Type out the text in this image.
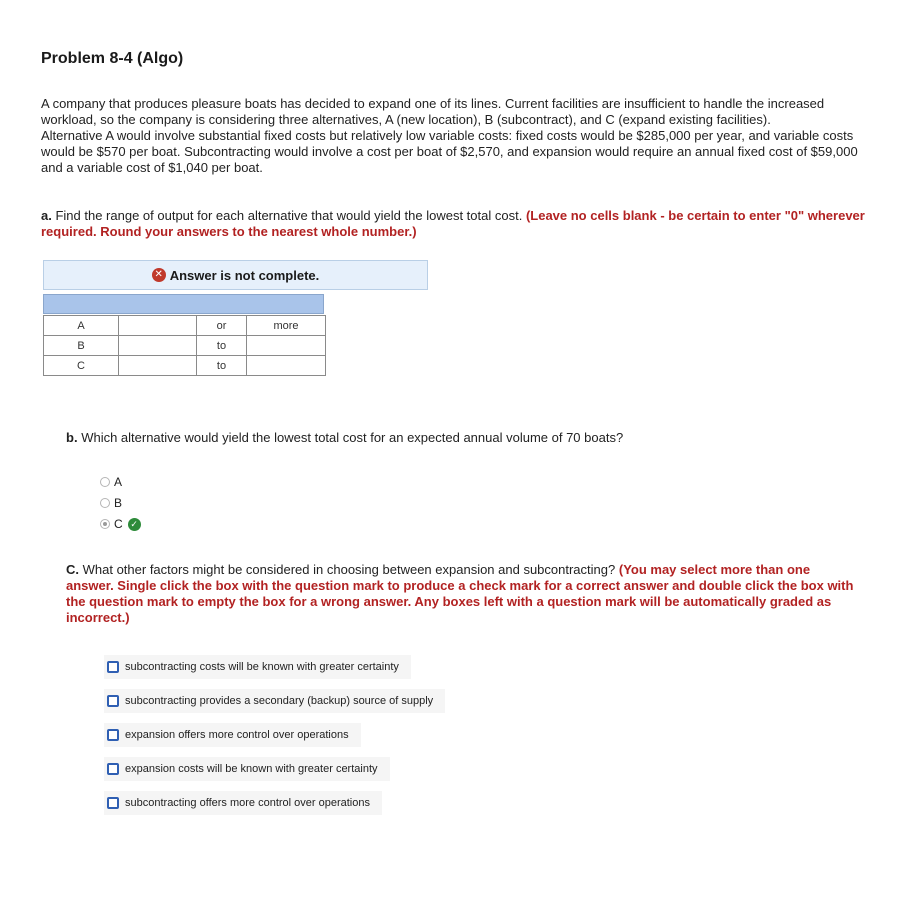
Problem 8-4 (Algo)

A company that produces pleasure boats has decided to expand one of its lines. Current facilities are insufficient to handle the increased workload, so the company is considering three alternatives, A (new location), B (subcontract), and C (expand existing facilities).

Alternative A would involve substantial fixed costs but relatively low variable costs: fixed costs would be $285,000 per year, and variable costs would be $570 per boat. Subcontracting would involve a cost per boat of $2,570, and expansion would require an annual fixed cost of $59,000 and a variable cost of $1,040 per boat.

a. Find the range of output for each alternative that would yield the lowest total cost. (Leave no cells blank - be certain to enter "0" wherever required. Round your answers to the nearest whole number.)
✕ Answer is not complete.
A		or	more
B		to	
C		to	
b. Which alternative would yield the lowest total cost for an expected annual volume of 70 boats?
A
B
C ✓
C. What other factors might be considered in choosing between expansion and subcontracting? (You may select more than one answer. Single click the box with the question mark to produce a check mark for a correct answer and double click the box with the question mark to empty the box for a wrong answer. Any boxes left with a question mark will be automatically graded as incorrect.)
subcontracting costs will be known with greater certainty
subcontracting provides a secondary (backup) source of supply
expansion offers more control over operations
expansion costs will be known with greater certainty
subcontracting offers more control over operations
